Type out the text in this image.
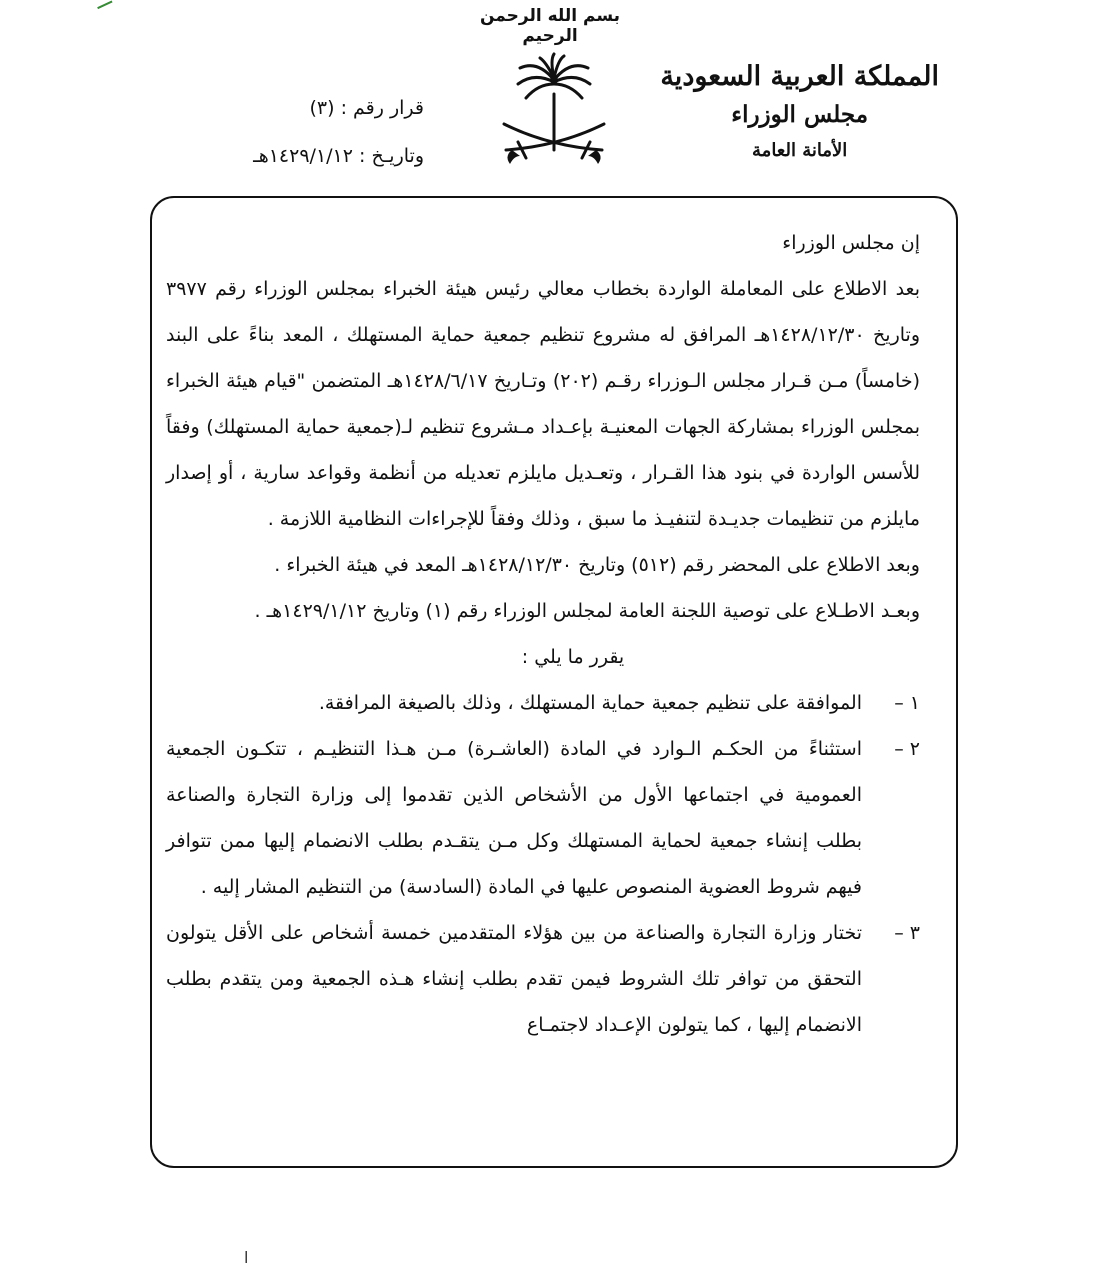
بسم الله الرحمن الرحيم
المملكة العربية السعودية
مجلس الوزراء
الأمانة العامة
قرار رقم : (٣)
وتاريـخ : ١٤٢٩/١/١٢هـ

إن مجلس الوزراء

بعد الاطلاع على المعاملة الواردة بخطاب معالي رئيس هيئة الخبراء بمجلس الوزراء رقم ٣٩٧٧ وتاريخ ١٤٢٨/١٢/٣٠هـ المرافق له مشروع تنظيم جمعية حماية المستهلك ، المعد بناءً على البند (خامساً) مـن قـرار مجلس الـوزراء رقـم (٢٠٢) وتـاريخ ١٤٢٨/٦/١٧هـ المتضمن "قيام هيئة الخبراء بمجلس الوزراء بمشاركة الجهات المعنيـة بإعـداد مـشروع تنظيم لـ(جمعية حماية المستهلك) وفقاً للأسس الواردة في بنود هذا القـرار ، وتعـديل مايلزم تعديله من أنظمة وقواعد سارية ، أو إصدار مايلزم من تنظيمات جديـدة لتنفيـذ ما سبق ، وذلك وفقاً للإجراءات النظامية اللازمة .

وبعد الاطلاع على المحضر رقم (٥١٢) وتاريخ ١٤٢٨/١٢/٣٠هـ المعد في هيئة الخبراء .

وبعـد الاطـلاع على توصية اللجنة العامة لمجلس الوزراء رقم (١) وتاريخ ١٤٢٩/١/١٢هـ .

يقرر ما يلي :

١ –
الموافقة على تنظيم جمعية حماية المستهلك ، وذلك بالصيغة المرافقة.
٢ –
استثناءً من الحكـم الـوارد في المادة (العاشـرة) مـن هـذا التنظيـم ، تتكـون الجمعية العمومية في اجتماعها الأول من الأشخاص الذين تقدموا إلى وزارة التجارة والصناعة بطلب إنشاء جمعية لحماية المستهلك وكل مـن يتقـدم بطلب الانضمام إليها ممن تتوافر فيهم شروط العضوية المنصوص عليها في المادة (السادسة) من التنظيم المشار إليه .
٣ –
تختار وزارة التجارة والصناعة من بين هؤلاء المتقدمين خمسة أشخاص على الأقل يتولون التحقق من توافر تلك الشروط فيمن تقدم بطلب إنشاء هـذه الجمعية ومن يتقدم بطلب الانضمام إليها ، كما يتولون الإعـداد لاجتمـاع
ا
